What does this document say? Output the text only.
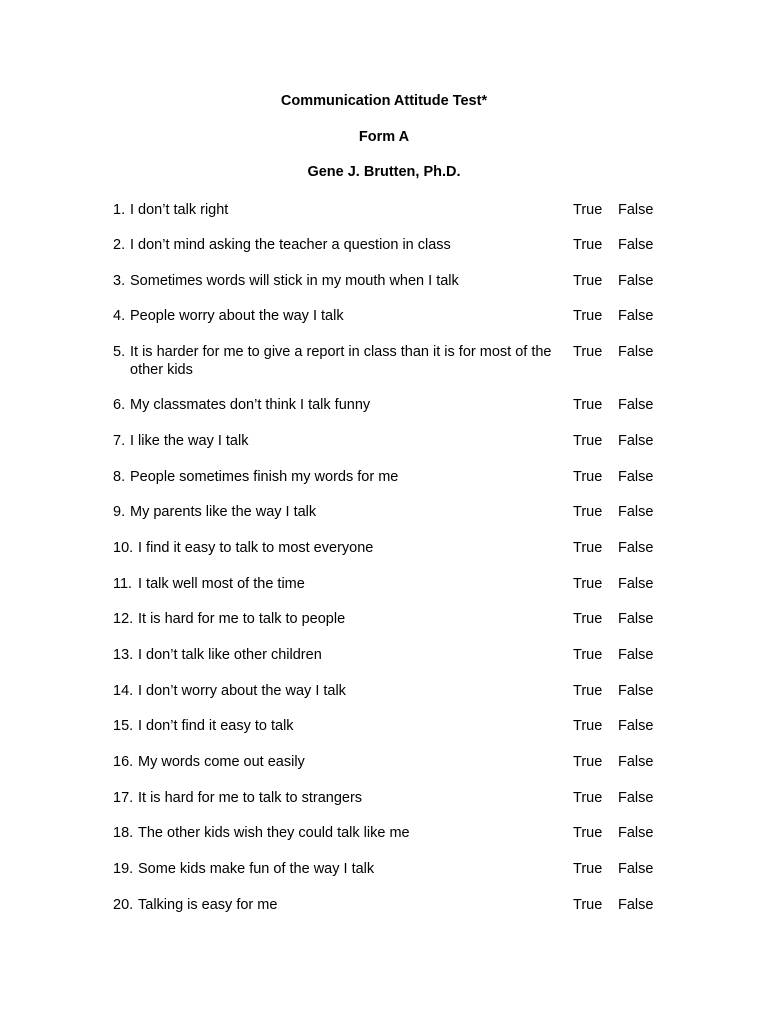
Communication Attitude Test*
Form A
Gene J. Brutten, Ph.D.
1. I don’t talk right	True False
2. I don’t mind asking the teacher a question in class	True False
3. Sometimes words will stick in my mouth when I talk	True False
4. People worry about the way I talk	True False
5. It is harder for me to give a report in class than it is for most of the other kids
True False
6. My classmates don’t think I talk funny	True False
7. I like the way I talk	True False
8. People sometimes finish my words for me	True False
9. My parents like the way I talk	True False
10. I find it easy to talk to most everyone	True False
11. I talk well most of the time	True False
12. It is hard for me to talk to people	True False
13. I don’t talk like other children	True False
14. I don’t worry about the way I talk	True False
15. I don’t find it easy to talk	True False
16. My words come out easily	True False
17. It is hard for me to talk to strangers	True False
18. The other kids wish they could talk like me	True False
19. Some kids make fun of the way I talk	True False
20. Talking is easy for me	True False
